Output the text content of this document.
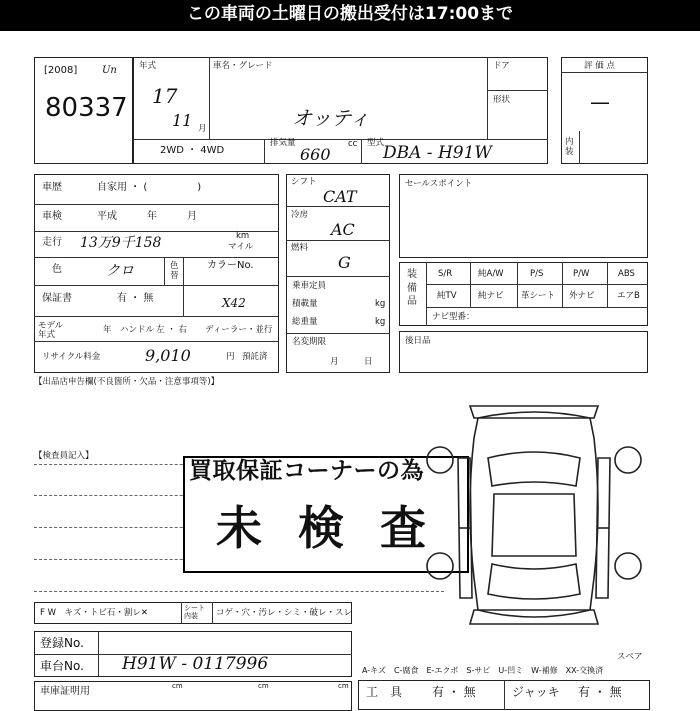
この車両の土曜日の搬出受付は17:00まで
[2008] Un
80337
年式
17
11 月
車名・グレード
オッティ
ドア
形状
2WD ・ 4WD
排気量
660
cc 型式
DBA - H91W
評 価 点
—
内装
車歴	自家用 ・ (　　　　　)
車検	平成　　　年　　　月
走行 13万9千158	km
マイル
色	クロ	色替
カラーNo.
X42
保証書	有 ・ 無
モデル 年式
年 ハンドル 左 ・ 右 ディーラー・並行
リサイクル料金	9,010	円 預託済
シフト
CAT
冷房
AC
燃料
G
乗車定員
積載量	kg
総重量	kg
名変期限
月　　　日
セールスポイント
装備品
S/R	純A/W	P/S	P/W	ABS
純TV	純ナビ 革シート 外ナビ	エアB
ナビ型番：
後日品
【出品店申告欄(不良箇所・欠品・注意事項等)】
【検査員記入】
買取保証コーナーの為
未 検 査
スペア
F W　キズ・トビ石・割レ✕	シート内装	コゲ・穴・汚レ・シミ・破レ・スレ
登録No.
車台No. H91W - 0117996
車庫証明用	cm	cm	cm
A-キズ　C-腐食　E-エクボ　S-サビ　U-凹ミ　W-補修　XX-交換済
工　具 有 ・ 無	ジャッキ 有 ・ 無
